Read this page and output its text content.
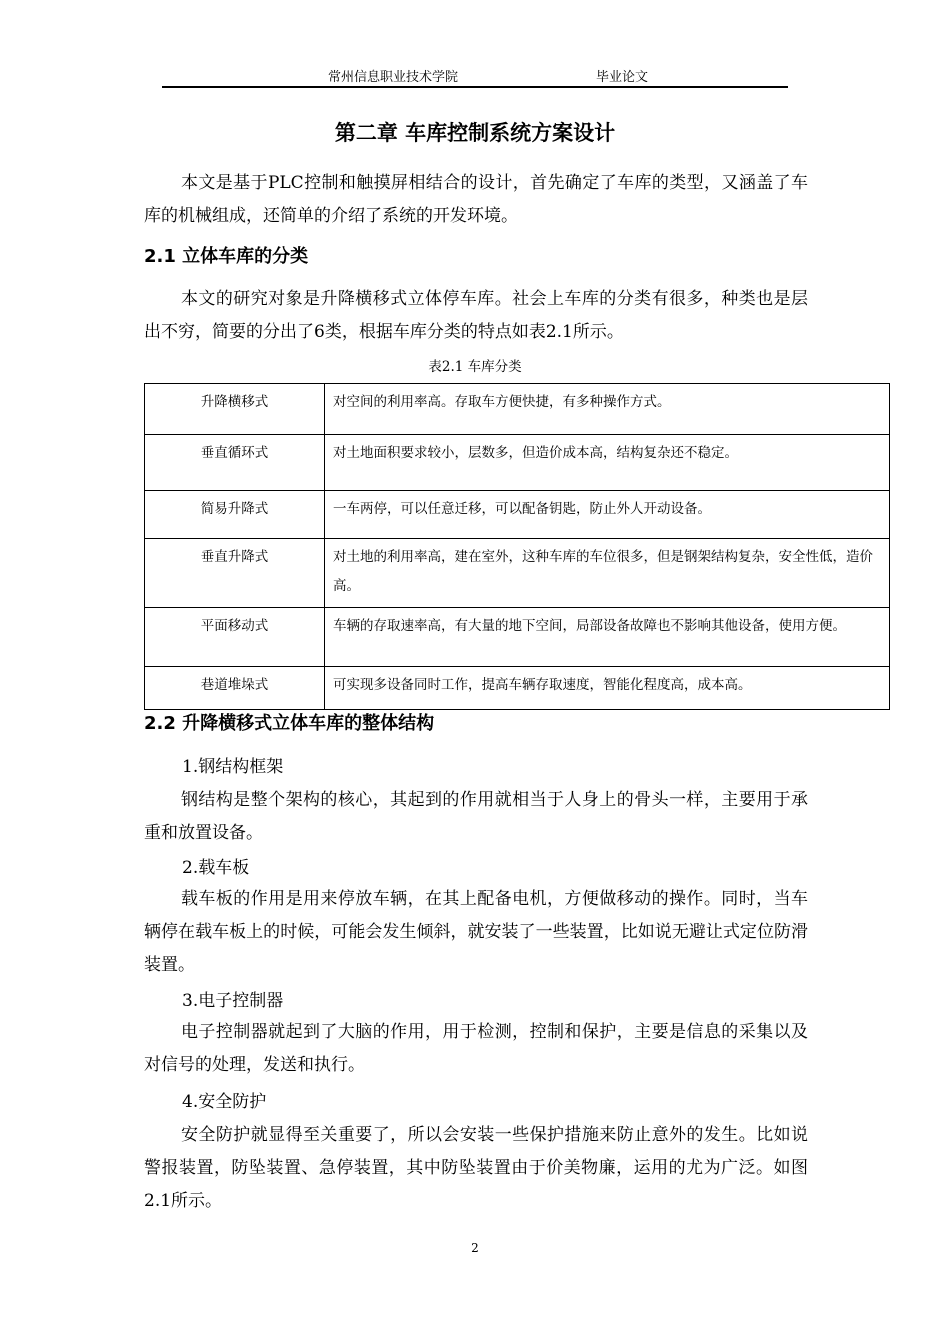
常州信息职业技术学院	毕业论文
第二章 车库控制系统方案设计

本文是基于PLC控制和触摸屏相结合的设计，首先确定了车库的类型，又涵盖了车库的机械组成，还简单的介绍了系统的开发环境。

2.1 立体车库的分类

本文的研究对象是升降横移式立体停车库。社会上车库的分类有很多，种类也是层出不穷，简要的分出了6类，根据车库分类的特点如表2.1所示。

表2.1 车库分类

升降横移式	对空间的利用率高。存取车方便快捷，有多种操作方式。
垂直循环式	对土地面积要求较小，层数多，但造价成本高，结构复杂还不稳定。
简易升降式	一车两停，可以任意迁移，可以配备钥匙，防止外人开动设备。
垂直升降式	对土地的利用率高，建在室外，这种车库的车位很多，但是钢架结构复杂，安全性低，造价高。
平面移动式	车辆的存取速率高，有大量的地下空间，局部设备故障也不影响其他设备，使用方便。
巷道堆垛式	可实现多设备同时工作，提高车辆存取速度，智能化程度高，成本高。
2.2 升降横移式立体车库的整体结构

1.钢结构框架

钢结构是整个架构的核心，其起到的作用就相当于人身上的骨头一样，主要用于承重和放置设备。

2.载车板

载车板的作用是用来停放车辆，在其上配备电机，方便做移动的操作。同时，当车辆停在载车板上的时候，可能会发生倾斜，就安装了一些装置，比如说无避让式定位防滑装置。

3.电子控制器

电子控制器就起到了大脑的作用，用于检测，控制和保护，主要是信息的采集以及对信号的处理，发送和执行。

4.安全防护

安全防护就显得至关重要了，所以会安装一些保护措施来防止意外的发生。比如说警报装置，防坠装置、急停装置，其中防坠装置由于价美物廉，运用的尤为广泛。如图2.1所示。

2
